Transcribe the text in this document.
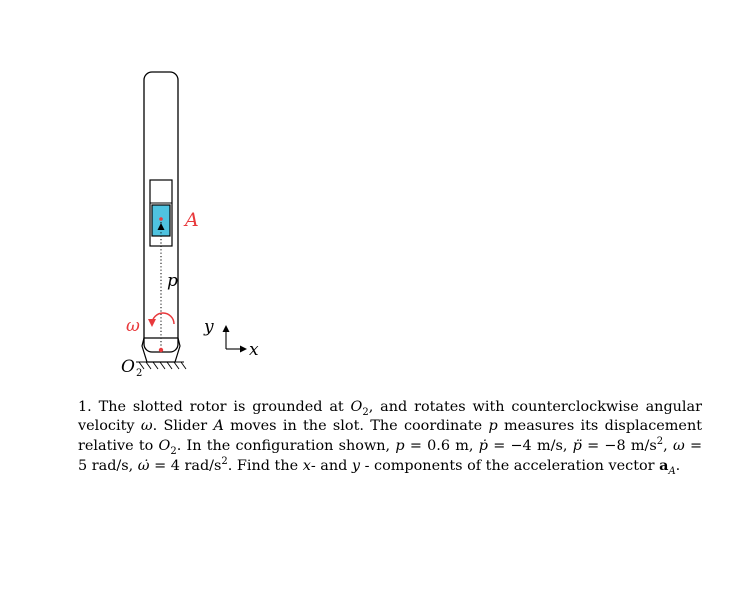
A
p
ω
O 2
y
x

1. The slotted rotor is grounded at $O_2$, and rotates with counterclockwise angular velocity ω. Slider A moves in the slot. The coordinate p measures its displacement relative to $O_2$. In the configuration shown, p = 0.6 m, ṗ = −4 m/s, p̈ = −8 $m/s^2$, ω = 5 rad/s, ω̇ = 4 rad/$s^2$. Find the x- and y - components of the acceleration vector $a_A$.
